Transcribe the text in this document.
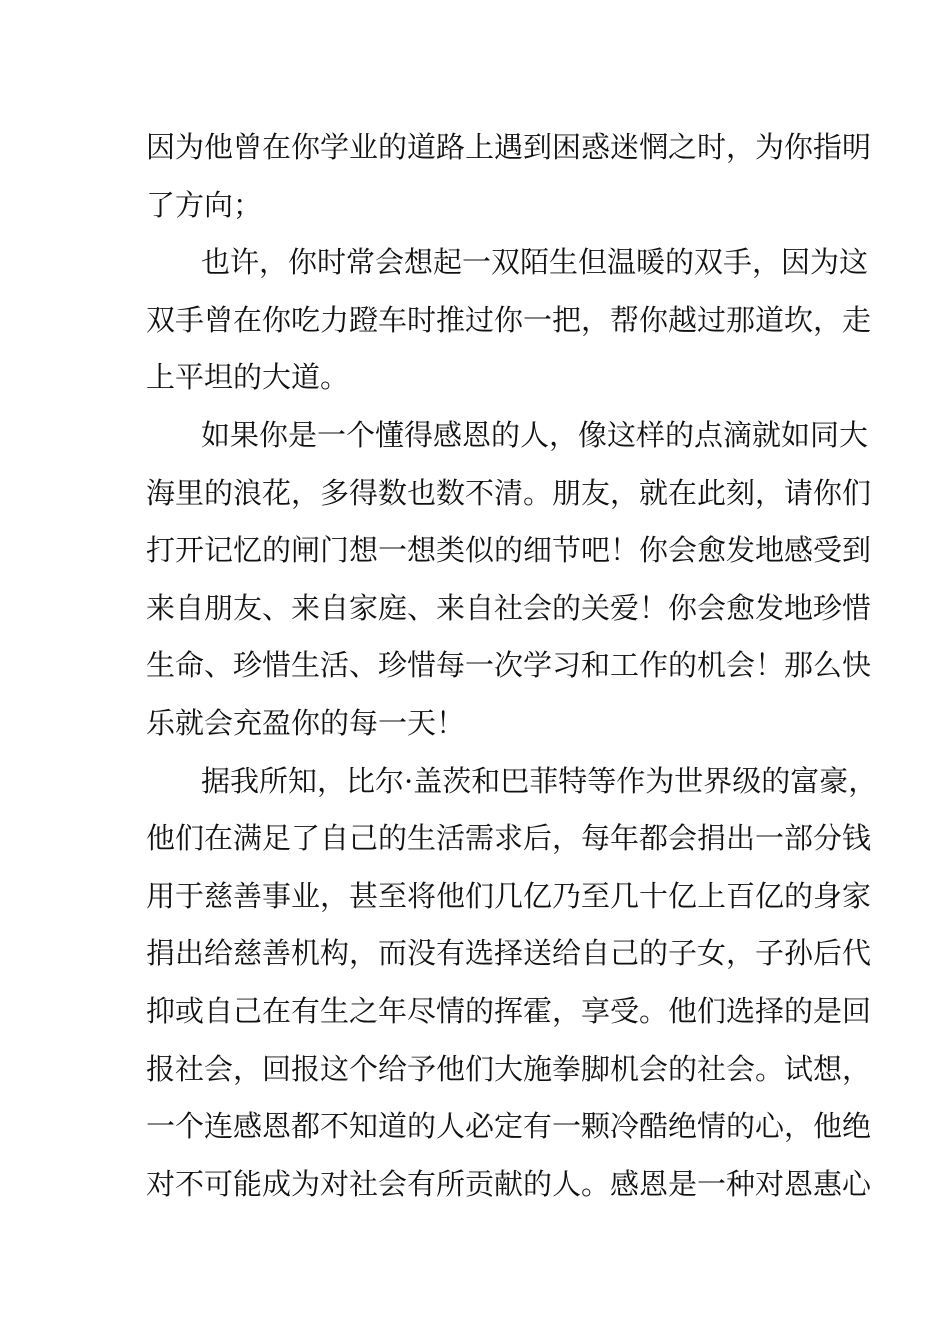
因为他曾在你学业的道路上遇到困惑迷惘之时，为你指明
了方向；
也许，你时常会想起一双陌生但温暖的双手，因为这
双手曾在你吃力蹬车时推过你一把，帮你越过那道坎，走
上平坦的大道。
如果你是一个懂得感恩的人，像这样的点滴就如同大
海里的浪花，多得数也数不清。朋友，就在此刻，请你们
打开记忆的闸门想一想类似的细节吧！你会愈发地感受到
来自朋友、来自家庭、来自社会的关爱！你会愈发地珍惜
生命、珍惜生活、珍惜每一次学习和工作的机会！那么快
乐就会充盈你的每一天！
据我所知，比尔·盖茨和巴菲特等作为世界级的富豪，
他们在满足了自己的生活需求后，每年都会捐出一部分钱
用于慈善事业，甚至将他们几亿乃至几十亿上百亿的身家
捐出给慈善机构，而没有选择送给自己的子女，子孙后代
抑或自己在有生之年尽情的挥霍，享受。他们选择的是回
报社会，回报这个给予他们大施拳脚机会的社会。试想，
一个连感恩都不知道的人必定有一颗冷酷绝情的心，他绝
对不可能成为对社会有所贡献的人。感恩是一种对恩惠心
